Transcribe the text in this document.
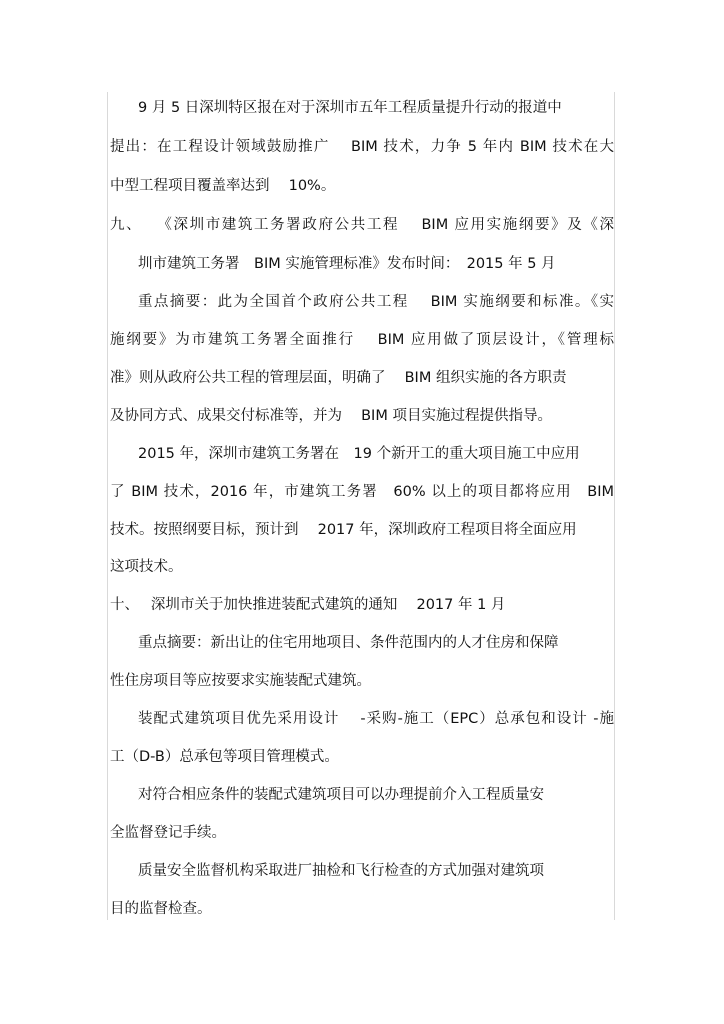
9 月 5 日深圳特区报在对于深圳市五年工程质量提升行动的报道中
提出：在工程设计领域鼓励推广　 BIM 技术，力争 5 年内 BIM 技术在大
中型工程项目覆盖率达到　 10%。
九、　 《深圳市建筑工务署政府公共工程　 BIM 应用实施纲要》及《深
圳市建筑工务署　BIM 实施管理标准》发布时间：　2015 年 5 月
重点摘要：此为全国首个政府公共工程　 BIM 实施纲要和标准。《实
施纲要》为市建筑工务署全面推行　 BIM 应用做了顶层设计，《管理标
准》则从政府公共工程的管理层面，明确了　 BIM 组织实施的各方职责
及协同方式、成果交付标准等，并为　 BIM 项目实施过程提供指导。
2015 年，深圳市建筑工务署在　19 个新开工的重大项目施工中应用
了 BIM 技术，2016 年，市建筑工务署　60% 以上的项目都将应用　BIM
技术。按照纲要目标，预计到　 2017 年，深圳政府工程项目将全面应用
这项技术。
十、　 深圳市关于加快推进装配式建筑的通知　 2017 年 1 月
重点摘要：新出让的住宅用地项目、条件范围内的人才住房和保障
性住房项目等应按要求实施装配式建筑。
装配式建筑项目优先采用设计　 -采购-施工（EPC）总承包和设计 -施
工（D-B）总承包等项目管理模式。
对符合相应条件的装配式建筑项目可以办理提前介入工程质量安
全监督登记手续。
质量安全监督机构采取进厂抽检和飞行检查的方式加强对建筑项
目的监督检查。
